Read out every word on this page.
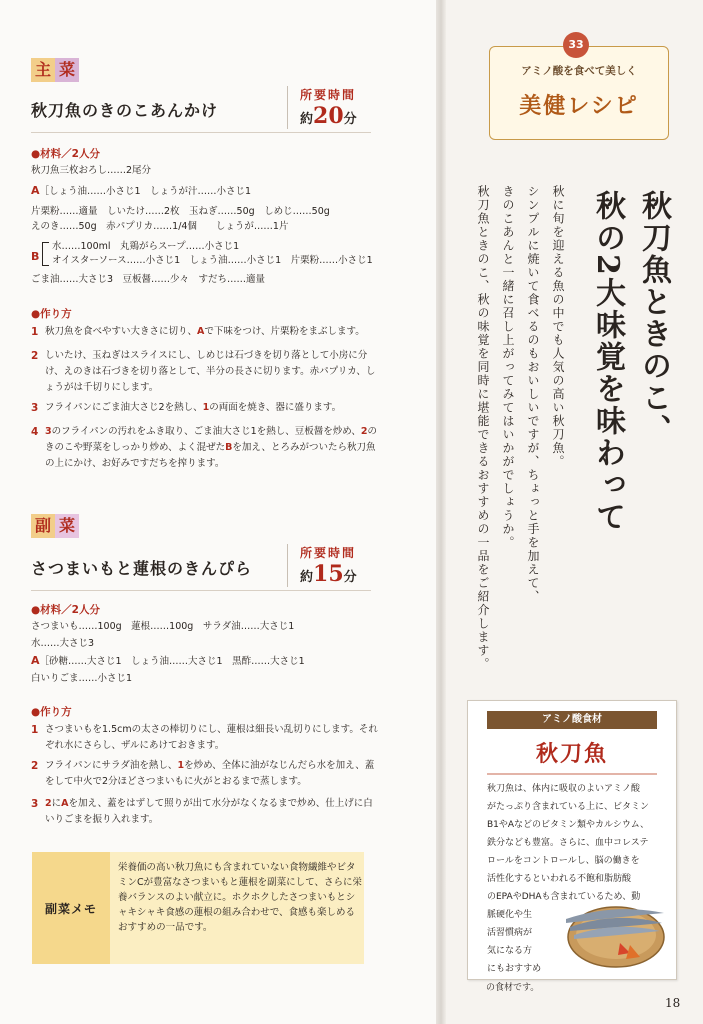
主 菜
秋刀魚のきのこあんかけ
所要時間
約20分
●材料／2人分
秋刀魚三枚おろし……2尾分
A［しょう油……小さじ1　しょうが汁……小さじ1
片栗粉……適量　しいたけ……2枚　玉ねぎ……50g　しめじ……50g
えのき……50g　赤パプリカ……1/4個　　しょうが……1片
B
水……100ml　丸鶏がらスープ……小さじ1
オイスターソース……小さじ1　しょう油……小さじ1　片栗粉……小さじ1
ごま油……大さじ3　豆板醤……少々　すだち……適量
●作り方
1 秋刀魚を食べやすい大きさに切り、Aで下味をつけ、片栗粉をまぶします。
2 しいたけ、玉ねぎはスライスにし、しめじは石づきを切り落として小房に分け、えのきは石づきを切り落として、半分の長さに切ります。赤パプリカ、しょうがは千切りにします。
3 フライパンにごま油大さじ2を熱し、1の両面を焼き、器に盛ります。
4 3のフライパンの汚れをふき取り、ごま油大さじ1を熱し、豆板醤を炒め、2のきのこや野菜をしっかり炒め、よく混ぜたBを加え、とろみがついたら秋刀魚の上にかけ、お好みですだちを搾ります。
副 菜
さつまいもと蓮根のきんぴら
所要時間
約15分
●材料／2人分
さつまいも……100g　蓮根……100g　サラダ油……大さじ1
水……大さじ3
A［砂糖……大さじ1　しょう油……大さじ1　黒酢……大さじ1
白いりごま……小さじ1
●作り方
1 さつまいもを1.5cmの太さの棒切りにし、蓮根は細長い乱切りにします。それぞれ水にさらし、ザルにあけておきます。
2 フライパンにサラダ油を熱し、1を炒め、全体に油がなじんだら水を加え、蓋をして中火で2分ほどさつまいもに火がとおるまで蒸します。
3 2にAを加え、蓋をはずして照りが出て水分がなくなるまで炒め、仕上げに白いりごまを振り入れます。
副菜メモ
栄養価の高い秋刀魚にも含まれていない食物繊維やビタミンCが豊富なさつまいもと蓮根を副菜にして、さらに栄養バランスのよい献立に。ホクホクしたさつまいもとシャキシャキ食感の蓮根の組み合わせで、食感も楽しめるおすすめの一品です。
アミノ酸を食べて美しく
美健レシピ
33
秋刀魚ときのこ、
秋の2大味覚を味わって
秋に旬を迎える魚の中でも人気の高い秋刀魚。
シンプルに焼いて食べるのもおいしいですが、ちょっと手を加えて、
きのこあんと一緒に召し上がってみてはいかがでしょうか。
秋刀魚ときのこ、秋の味覚を同時に堪能できるおすすめの一品をご紹介します。
アミノ酸食材
秋刀魚
秋刀魚は、体内に吸収のよいアミノ酸
がたっぷり含まれている上に、ビタミン
B1やAなどのビタミン類やカルシウム、
鉄分なども豊富。さらに、血中コレステ
ロールをコントロールし、脳の働きを
活性化するといわれる不飽和脂肪酸
のEPAやDHAも含まれているため、動
脈硬化や生
活習慣病が
気になる方
にもおすすめ
の食材です。
18
